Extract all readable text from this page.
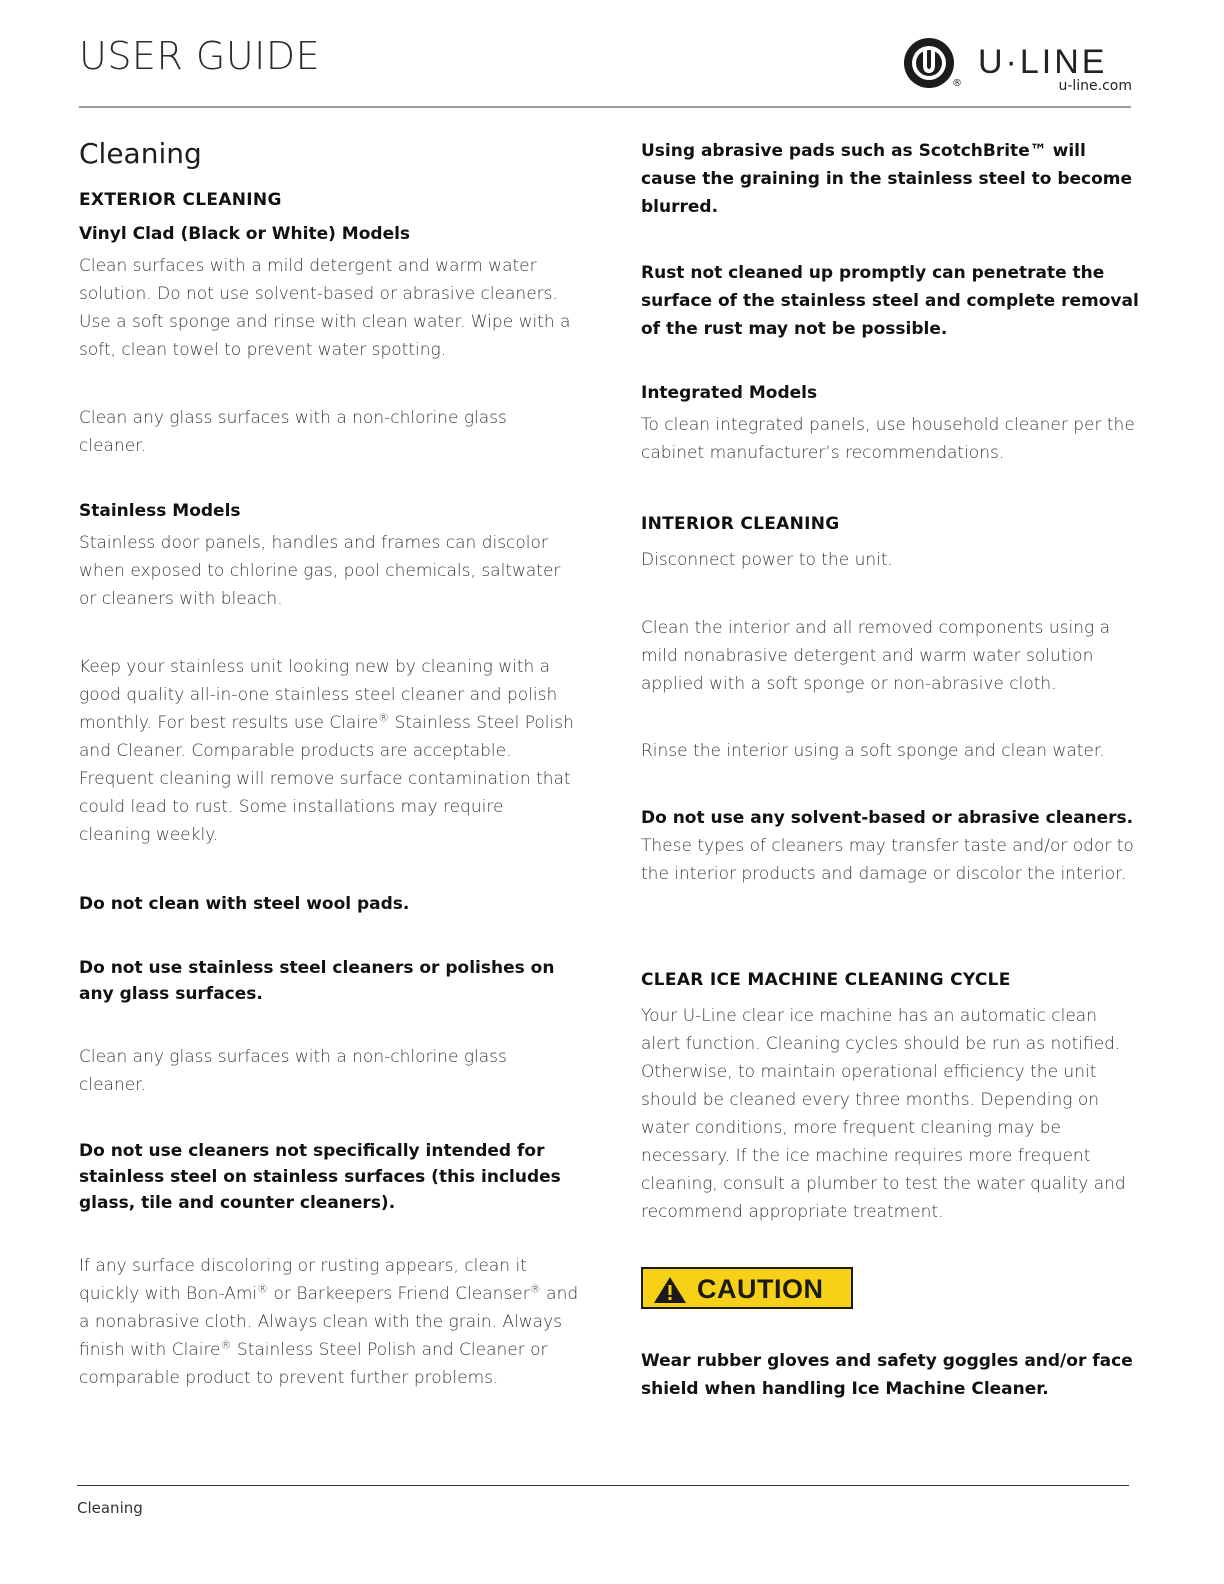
USER GUIDE
®
U·LINE
u-line.com
Cleaning
EXTERIOR CLEANING
Vinyl Clad (Black or White) Models

Clean surfaces with a mild detergent and warm water solution. Do not use solvent-based or abrasive cleaners. Use a soft sponge and rinse with clean water. Wipe with a soft, clean towel to prevent water spotting.

Clean any glass surfaces with a non-chlorine glass cleaner.

Stainless Models

Stainless door panels, handles and frames can discolor when exposed to chlorine gas, pool chemicals, saltwater or cleaners with bleach.

Keep your stainless unit looking new by cleaning with a good quality all-in-one stainless steel cleaner and polish monthly. For best results use Claire® Stainless Steel Polish and Cleaner. Comparable products are acceptable. Frequent cleaning will remove surface contamination that could lead to rust. Some installations may require cleaning weekly.

Do not clean with steel wool pads.

Do not use stainless steel cleaners or polishes on any glass surfaces.

Clean any glass surfaces with a non-chlorine glass cleaner.

Do not use cleaners not specifically intended for stainless steel on stainless surfaces (this includes glass, tile and counter cleaners).

If any surface discoloring or rusting appears, clean it quickly with Bon-Ami® or Barkeepers Friend Cleanser® and a nonabrasive cloth. Always clean with the grain. Always finish with Claire® Stainless Steel Polish and Cleaner or comparable product to prevent further problems.

Using abrasive pads such as ScotchBrite™ will cause the graining in the stainless steel to become blurred.

Rust not cleaned up promptly can penetrate the surface of the stainless steel and complete removal of the rust may not be possible.

Integrated Models

To clean integrated panels, use household cleaner per the cabinet manufacturer’s recommendations.

INTERIOR CLEANING

Disconnect power to the unit.

Clean the interior and all removed components using a mild nonabrasive detergent and warm water solution applied with a soft sponge or non-abrasive cloth.

Rinse the interior using a soft sponge and clean water.

Do not use any solvent-based or abrasive cleaners. These types of cleaners may transfer taste and/or odor to the interior products and damage or discolor the interior.

CLEAR ICE MACHINE CLEANING CYCLE

Your U-Line clear ice machine has an automatic clean alert function. Cleaning cycles should be run as notified. Otherwise, to maintain operational efficiency the unit should be cleaned every three months. Depending on water conditions, more frequent cleaning may be necessary. If the ice machine requires more frequent cleaning, consult a plumber to test the water quality and recommend appropriate treatment.

CAUTION

Wear rubber gloves and safety goggles and/or face shield when handling Ice Machine Cleaner.

Cleaning
